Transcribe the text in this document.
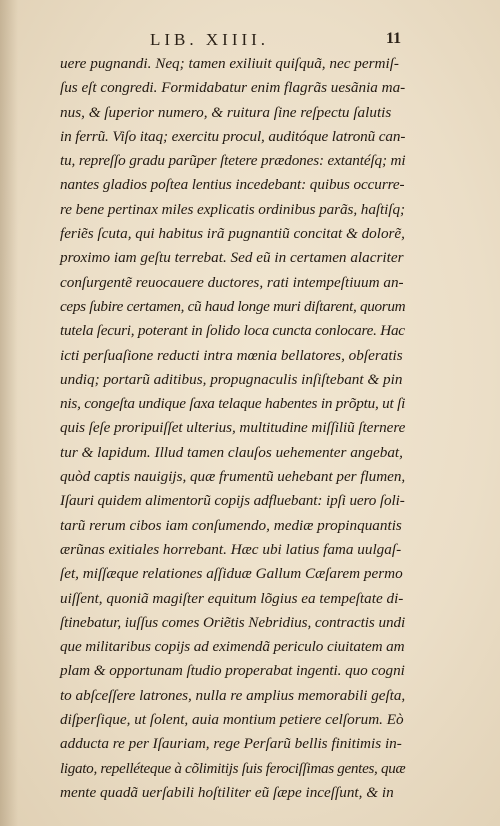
LIB. XIIII.	11
uere pugnandi. Neq; tamen exiliuit quiſquã, nec permiſ-
ſus eſt congredi. Formidabatur enim flagrãs uesãnia ma-
nus, & ſuperior numero, & ruitura ſine reſpectu ſalutis
in ferrũ. Viſo itaq; exercitu procul, auditóque latronũ can-
tu, repreſſo gradu parũper ſtetere prædones: extantéſq; mi
nantes gladios poſtea lentius incedebant: quibus occurre-
re bene pertinax miles explicatis ordinibus parãs, haſtiſq;
feriẽs ſcuta, qui habitus irã pugnantiũ concitat & dolorẽ,
proximo iam geſtu terrebat. Sed eũ in certamen alacriter
conſurgentẽ reuocauere ductores, rati intempeſtiuum an-
ceps ſubire certamen, cũ haud longe muri diſtarent, quorum
tutela ſecuri, poterant in ſolido loca cuncta conlocare. Hac
icti perſuaſione reducti intra mœnia bellatores, obſeratis
undiq; portarũ aditibus, propugnaculis inſiſtebant & pin
nis, congeſta undique ſaxa telaque habentes in prõptu, ut ſi
quis ſeſe proripuiſſet ulterius, multitudine miſſiliũ ſternere
tur & lapidum. Illud tamen clauſos uehementer angebat,
quòd captis nauigijs, quæ frumentũ uehebant per flumen,
Iſauri quidem alimentorũ copijs adfluebant: ipſi uero ſoli-
tarũ rerum cibos iam conſumendo, mediæ propinquantis
ærũnas exitiales horrebant. Hæc ubi latius fama uulgaſ-
ſet, miſſæque relationes aſſiduæ Gallum Cæſarem permo
uiſſent, quoniã magiſter equitum lõgius ea tempeſtate di-
ſtinebatur, iuſſus comes Oriẽtis Nebridius, contractis undi
que militaribus copijs ad eximendã periculo ciuitatem am
plam & opportunam ſtudio properabat ingenti. quo cogni
to abſceſſere latrones, nulla re amplius memorabili geſta,
diſperſique, ut ſolent, auia montium petiere celſorum. Eò
adducta re per Iſauriam, rege Perſarũ bellis finitimis in-
ligato, repelléteque à cõlimitijs ſuis ferociſſimas gentes, quæ
mente quadã uerſabili hoſtiliter eũ ſæpe inceſſunt, & in
